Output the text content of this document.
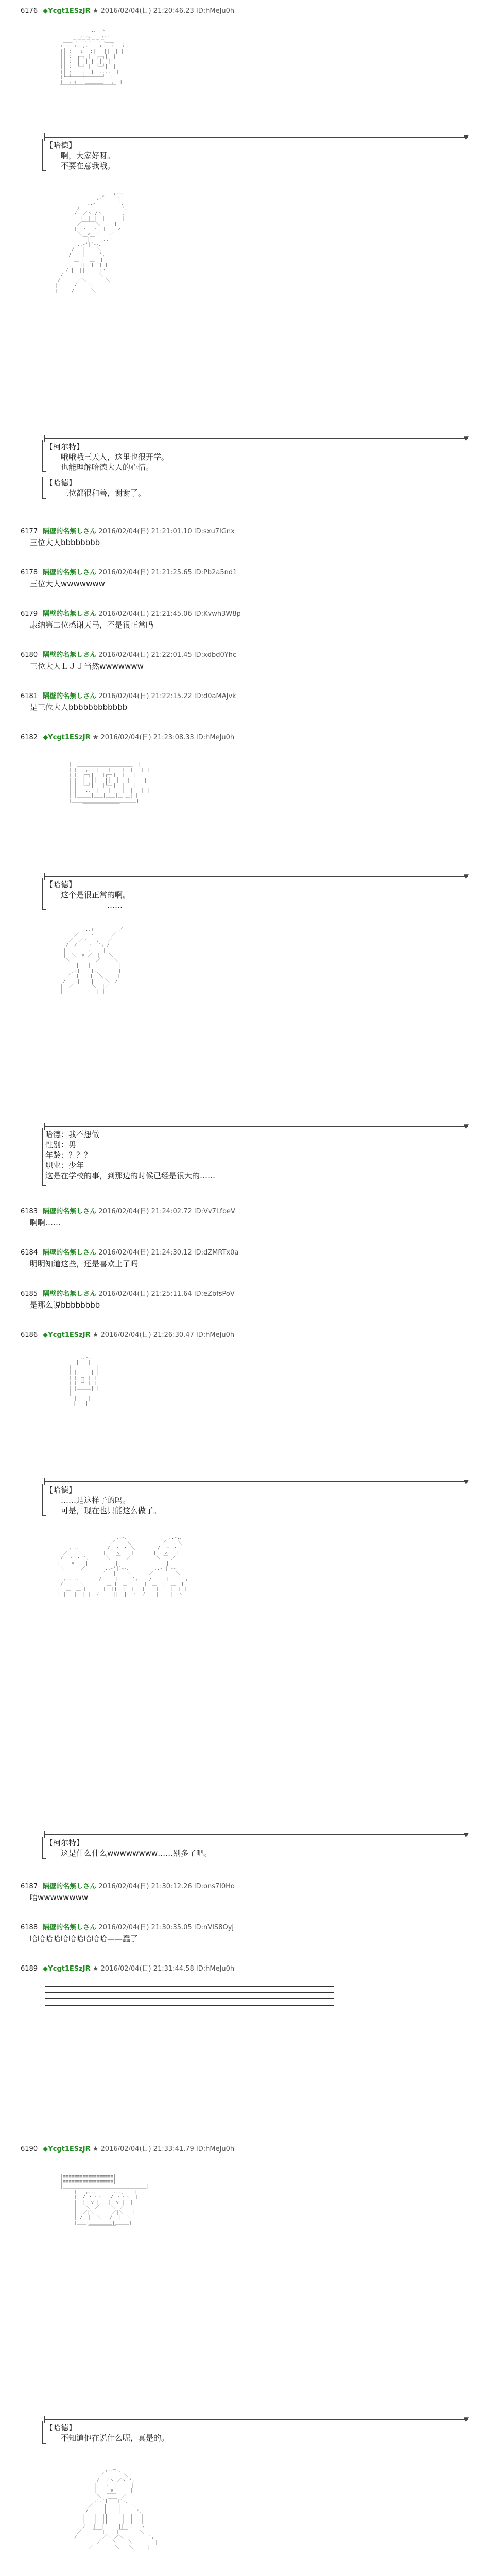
6176 ◆Ycgt1ESzJR ★ 2016/02/04(日) 21:20:46.23 ID:hMeJu0h

,、 ヽ
_,.-、_  ,.-
＿＿二二二二二二二＿＿
i i  i  ,.    i   ｉ  ｉ
|│ :|  ｒ  :|   ||  | |
|│ :| ┌─┐ |  ┌─┐|  |
|│ :| │  │ |  │  │|  |
|│ :| └─┘ |  └─┘|  |
|│ :|  ..  |  ....  |  |
|└─┴────┴──────┘  |
|  ,.ｨ   ＿＿＿＿   ｡  |
￣￣￣￣￣￣￣￣￣￣￣￣

▼
【哈德】
　　啊，大家好呀。
　　不要在意我哦。

_,.-､
,.'ﾞ    ヽ
＿,.-'       ',
/               ',
/  ／ヽ /ヽ      ',
|  |  | |  |      |
| ／￣￣￣＼     |
|  ・  ・  |    ノ
＼  ▽  ／   ／
￣|￣   ,.'
,.-'|`ｰ-､
/   |    ＼
/    |     ',
|  ＿ |  ＿  |
| |  ||  |  | |
ﾉ |  ||  |  |ヽ
/   ￣ ｜ ￣   ＼
/      ／＼       ＼
|      /    ＼      |
|_____/      ＼_____|

▼
【柯尔特】
　　哦哦哦三天人，这里也很开学。
　　也能理解哈德大人的心情。
【哈德】
　　三位都很和善，谢谢了。
6177 隔壁的名無しさん 2016/02/04(日) 21:21:01.10 ID:sxu7IGnx
三位大人bbbbbbbb
6178 隔壁的名無しさん 2016/02/04(日) 21:21:25.65 ID:Pb2a5nd1
三位大人wwwwwww
6179 隔壁的名無しさん 2016/02/04(日) 21:21:45.06 ID:Kvwh3W8p
康纳第二位感谢天马，不是很正常吗
6180 隔壁的名無しさん 2016/02/04(日) 21:22:01.45 ID:xdbd0Yhc
三位大人ＬＪＪ当然wwwwwww
6181 隔壁的名無しさん 2016/02/04(日) 21:22:15.22 ID:d0aMAJvk
是三位大人bbbbbbbbbbbb
6182 ◆Ycgt1ESzJR ★ 2016/02/04(日) 21:23:08.33 ID:hMeJu0h

＿＿＿＿＿＿＿＿＿＿＿＿＿＿＿
|  ＿＿＿＿＿＿＿＿＿＿＿＿  |
| |   ,.  |   |    |  |   | |
| |  ┌─┐|   |┌─┐|  |   | |
| |  │  ││   |│  │|  |   | |
| |  └─┘|   |└─┘|  |   | |
| |   ..  |   |    |  |   | |
| |＿＿＿|＿＿|＿＿|＿|＿| |
|＿＿＿＿＿＿＿＿＿＿＿＿＿＿|
￣￣￣￣￣￣￣￣

▼
【哈德】
　　这个是很正常的啊。
　　　　　　　　……

,.ｨ         ／
／    ヽ      ／
／  ／ヽ  ',   ／
/  /    ヽ  ', /
|  |  ・ ・ |  |
|  ＼  ▽ ／  |   ＼
＼  ￣￣￣  ／     ＼
￣|￣￣|￣        |
,.|    |.､       |
／  |    |  ＼     |
/    |    |    ＼  /
|  ／￣￣￣￣＼  |／
| |          | |
￣￣￣￣￣￣￣￣￣

▼
哈德：我不想做
性别：男
年龄：？？？
职业：少年
这是在学校的事，到那边的时候已经是很大的……
6183 隔壁的名無しさん 2016/02/04(日) 21:24:02.72 ID:Vv7LfbeV
啊啊……
6184 隔壁的名無しさん 2016/02/04(日) 21:24:30.12 ID:dZMRTx0a
明明知道这些，还是喜欢上了吗
6185 隔壁的名無しさん 2016/02/04(日) 21:25:11.64 ID:eZbfsPoV
是那么说bbbbbbbb
6186 ◆Ycgt1ESzJR ★ 2016/02/04(日) 21:26:30.47 ID:hMeJu0h

,.-､
＿|＿＿|＿
|  ＿＿＿  |
| |     | |
| | ┌┐ | |
| | └┘ | |
| |＿＿＿| |
|＿＿＿＿＿|
|    |
＿|＿＿|＿
￣￣￣￣￣

▼
【哈德】
　　……是这样子的吗。
　　可是，现在也只能这么做了。

,.-､               ,.-.､
／    ＼           ／    ＼
,.-､          /  ・ ・ ＼        /  ・ ・ |
／    ＼       |    ▽    |       |   ▽   |
/  ・ ・ ',      ＼  ￣  ／         ＼ ￣ ／
|    ▽    |        ￣|￣              ￣|￣
＼  ￣  ／       ,.-'|`ｰ-､         ,.-'|`ｰ-､
￣|￣        ／   |    ＼      ／   |    ＼
,.-|-､       /     |     ',    /     |     ',
/   |  ＼    |   ＿ |  ＿  |   |  ＿  |  ＿  |
|  ＿| ＿ |   |  |  ||  |  |   | |  | |  |  | |
| |  ||  | |  ﾉ  |  ||  |  ヽ  ﾉ |  | |  |  ヽ
￣ ￣ ￣ ￣   ￣￣￣￣￣￣￣   ￣￣￣￣￣￣￣￣

▼
【柯尔特】
　　这是什么什么wwwwwwww……别多了吧。
6187 隔壁的名無しさん 2016/02/04(日) 21:30:12.26 ID:ons7l0Ho
唔wwwwwwww
6188 隔壁的名無しさん 2016/02/04(日) 21:30:35.05 ID:nVIS8Oyj
哈哈哈哈哈哈哈哈哈哈——蠢了
6189 ◆Ycgt1ESzJR ★ 2016/02/04(日) 21:31:44.58 ID:hMeJu0h
6190 ◆Ycgt1ESzJR ★ 2016/02/04(日) 21:33:41.79 ID:hMeJu0h

＿＿＿＿＿＿＿＿＿＿＿＿＿＿＿＿＿＿＿＿
|≡≡≡≡≡≡≡≡≡≡≡≡≡≡≡≡≡≡|
|≡≡≡≡≡≡≡≡≡≡≡≡≡≡≡≡≡≡|
|＿＿＿＿＿＿＿＿＿＿＿＿＿＿＿＿＿＿|
|   ,.-､      ,.-､    |
|  / ・・ヽ   / ・・ヽ  |
|  |  ▽ |   |  ▽ |  |
|   ＼＿／    ＼＿／   |
|  ／|＼      ／|＼   |
| /  |  ＼   /  |  ＼ |
|＿＿|＿＿＿＿＿|＿＿＿|
￣￣￣￣￣￣

▼
【哈德】
　　不知道他在说什么呢，真是的。

,.-─-､
／       ＼
/  ／ヽ ／ヽ ',
|   ・   ・   |
|     ▽      |
＼  ￣￣  ／
,.-`|￣￣|´-､
／    |    |    ＼
/   ＿ |    | ＿   ',
|   |  ||    ||  |   |
|   |  ||    ||  |   |
ﾉ   |  ||    ||  |   ヽ
／    ￣￣|    |￣￣    ＼
/         ／＼ ／＼         ',
|        ／    ＼    ＼        |
|＿＿＿／        ＼＿＿＼＿＿＿|
